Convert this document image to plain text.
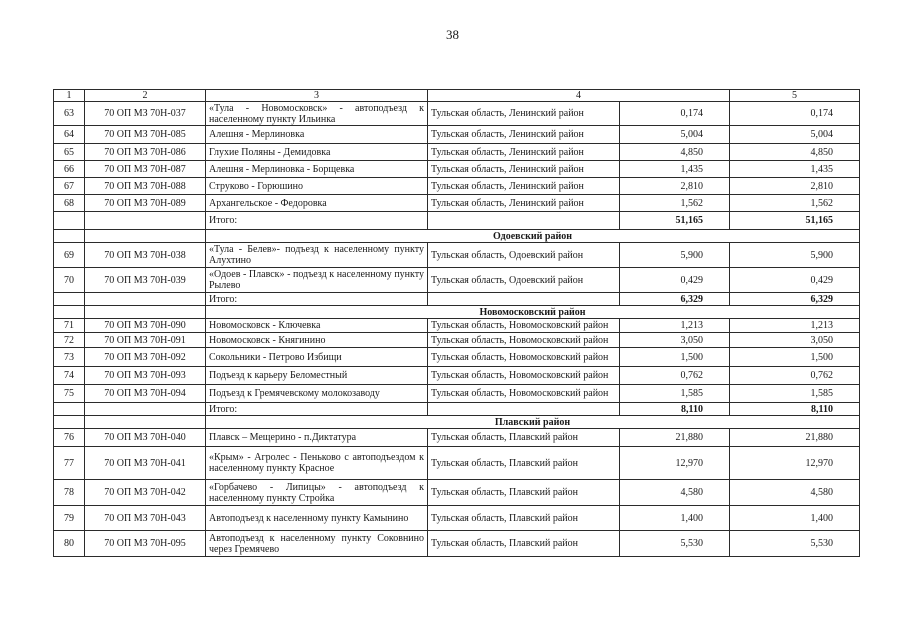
38
1	2	3	4		5
63	70 ОП МЗ 70Н-037	«Тула - Новомосковск» - автоподъезд к населенному пункту Ильинка	Тульская область, Ленинский район	0,174	0,174
64	70 ОП МЗ 70Н-085	Алешня - Мерлиновка	Тульская область, Ленинский район	5,004	5,004
65	70 ОП МЗ 70Н-086	Глухие Поляны - Демидовка	Тульская область, Ленинский район	4,850	4,850
66	70 ОП МЗ 70Н-087	Алешня - Мерлиновка - Борщевка	Тульская область, Ленинский район	1,435	1,435
67	70 ОП МЗ 70Н-088	Струково - Горюшино	Тульская область, Ленинский район	2,810	2,810
68	70 ОП МЗ 70Н-089	Архангельское - Федоровка	Тульская область, Ленинский район	1,562	1,562
		Итого:		51,165	51,165
		Одоевский район			
69	70 ОП МЗ 70Н-038	«Тула - Белев»- подъезд к населенному пункту Алухтино	Тульская область, Одоевский район	5,900	5,900
70	70 ОП МЗ 70Н-039	«Одоев - Плавск» - подъезд к населенному пункту Рылево	Тульская область, Одоевский район	0,429	0,429
		Итого:		6,329	6,329
		Новомосковский район			
71	70 ОП МЗ 70Н-090	Новомосковск - Ключевка	Тульская область, Новомосковский район	1,213	1,213
72	70 ОП МЗ 70Н-091	Новомосковск - Княгинино	Тульская область, Новомосковский район	3,050	3,050
73	70 ОП МЗ 70Н-092	Сокольники - Петрово Избищи	Тульская область, Новомосковский район	1,500	1,500
74	70 ОП МЗ 70Н-093	Подъезд к карьеру Беломестный	Тульская область, Новомосковский район	0,762	0,762
75	70 ОП МЗ 70Н-094	Подъезд к Гремячевскому молокозаводу	Тульская область, Новомосковский район	1,585	1,585
		Итого:		8,110	8,110
		Плавский район			
76	70 ОП МЗ 70Н-040	Плавск – Мещерино - п.Диктатура	Тульская область, Плавский район	21,880	21,880
77	70 ОП МЗ 70Н-041	«Крым» - Агролес - Пеньково с автоподъездом к населенному пункту Красное	Тульская область, Плавский район	12,970	12,970
78	70 ОП МЗ 70Н-042	«Горбачево - Липицы» - автоподъезд к населенному пункту Стройка	Тульская область, Плавский район	4,580	4,580
79	70 ОП МЗ 70Н-043	Автоподъезд к населенному пункту Камынино	Тульская область, Плавский район	1,400	1,400
80	70 ОП МЗ 70Н-095	Автоподъезд к населенному пункту Соковнино через Гремячево	Тульская область, Плавский район	5,530	5,530
